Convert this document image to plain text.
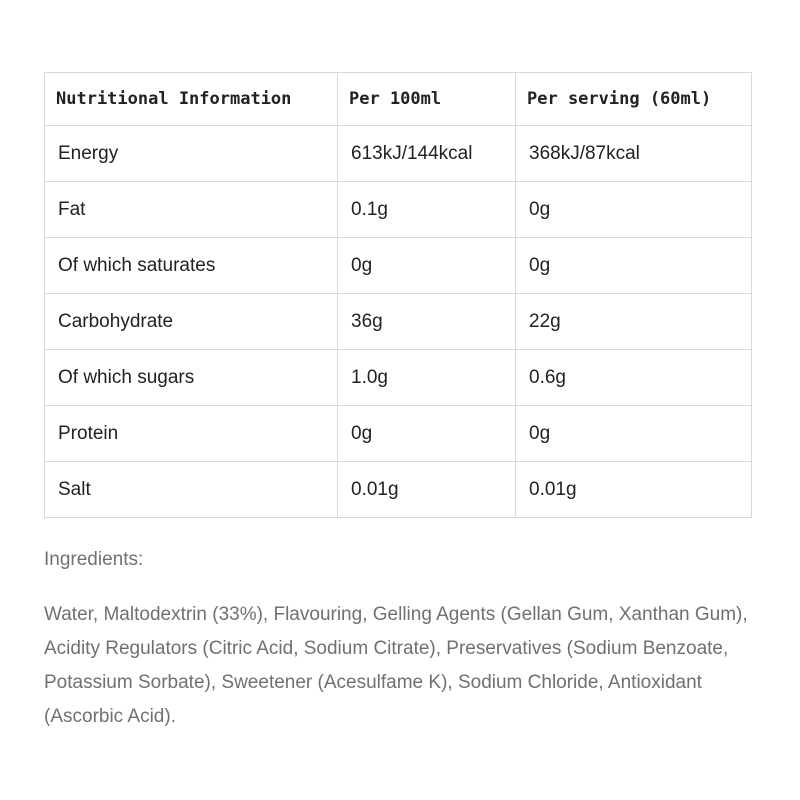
Nutritional Information	Per 100ml	Per serving (60ml)
Energy	613kJ/144kcal	368kJ/87kcal
Fat	0.1g	0g
Of which saturates	0g	0g
Carbohydrate	36g	22g
Of which sugars	1.0g	0.6g
Protein	0g	0g
Salt	0.01g	0.01g
Ingredients:

Water, Maltodextrin (33%), Flavouring, Gelling Agents (Gellan Gum, Xanthan Gum), Acidity Regulators (Citric Acid, Sodium Citrate), Preservatives (Sodium Benzoate, Potassium Sorbate), Sweetener (Acesulfame K), Sodium Chloride, Antioxidant (Ascorbic Acid).
